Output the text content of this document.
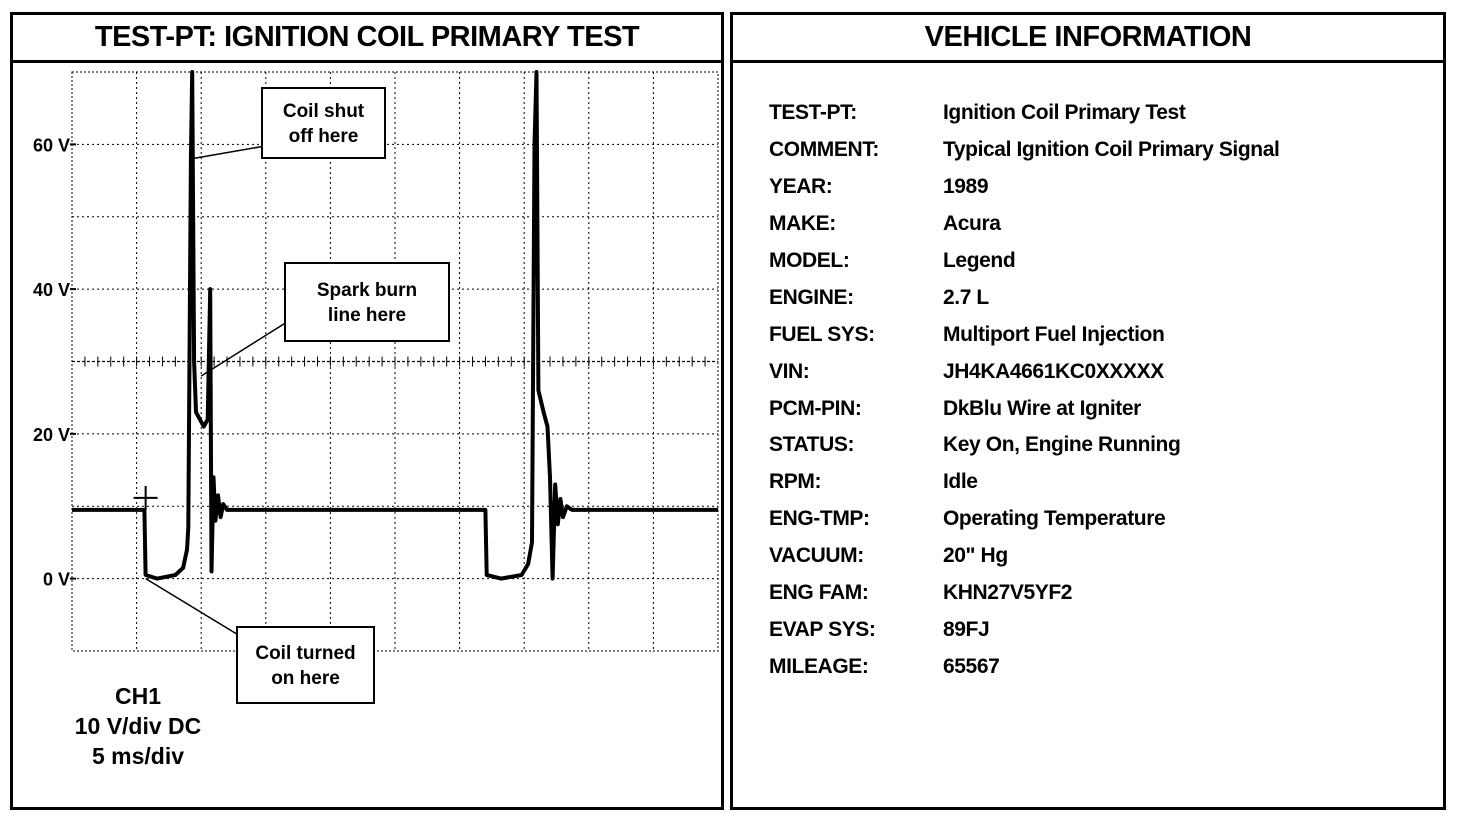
TEST-PT: IGNITION COIL PRIMARY TEST
0 V
20 V
40 V
60 V
Coil shut
off here
Spark burn
line here
Coil turned
on here
CH1
10 V/div DC
5 ms/div
VEHICLE INFORMATION
TEST-PT:	Ignition Coil Primary Test
COMMENT:	Typical Ignition Coil Primary Signal
YEAR:	1989
MAKE:	Acura
MODEL:	Legend
ENGINE:	2.7 L
FUEL SYS:	Multiport Fuel Injection
VIN:	JH4KA4661KC0XXXXX
PCM-PIN:	DkBlu Wire at Igniter
STATUS:	Key On, Engine Running
RPM:	Idle
ENG-TMP:	Operating Temperature
VACUUM:	20" Hg
ENG FAM:	KHN27V5YF2
EVAP SYS:	89FJ
MILEAGE:	65567
